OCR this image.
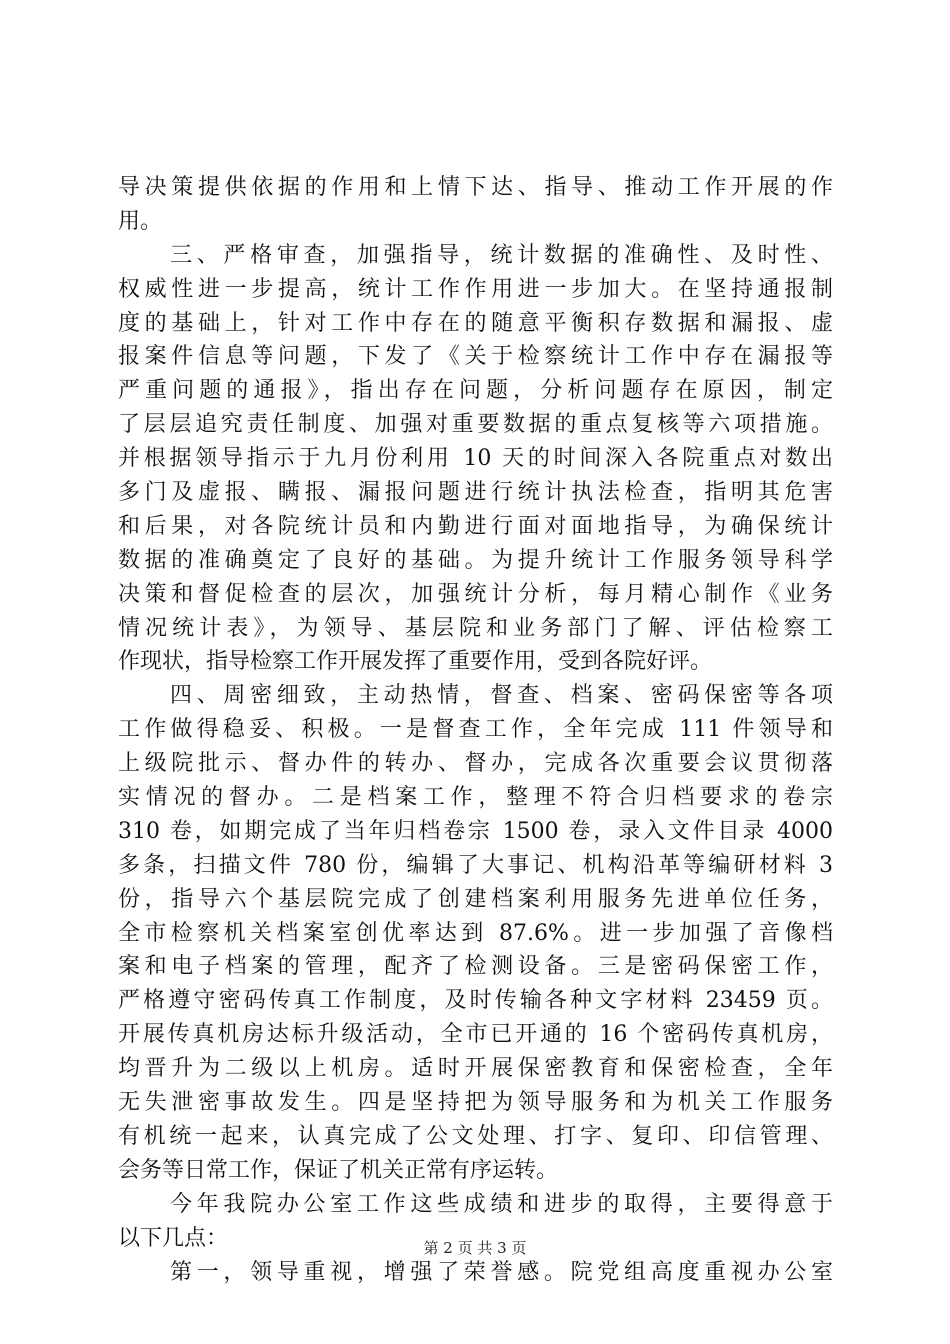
导决策提供依据的作用和上情下达、指导、推动工作开展的作
用。
三、严格审查，加强指导，统计数据的准确性、及时性、
权威性进一步提高，统计工作作用进一步加大。在坚持通报制
度的基础上，针对工作中存在的随意平衡积存数据和漏报、虚
报案件信息等问题，下发了《关于检察统计工作中存在漏报等
严重问题的通报》，指出存在问题，分析问题存在原因，制定
了层层追究责任制度、加强对重要数据的重点复核等六项措施。
并根据领导指示于九月份利用 10 天的时间深入各院重点对数出
多门及虚报、瞒报、漏报问题进行统计执法检查，指明其危害
和后果，对各院统计员和内勤进行面对面地指导，为确保统计
数据的准确奠定了良好的基础。为提升统计工作服务领导科学
决策和督促检查的层次，加强统计分析，每月精心制作《业务
情况统计表》，为领导、基层院和业务部门了解、评估检察工
作现状，指导检察工作开展发挥了重要作用，受到各院好评。
四、周密细致，主动热情，督查、档案、密码保密等各项
工作做得稳妥、积极。一是督查工作，全年完成 111 件领导和
上级院批示、督办件的转办、督办，完成各次重要会议贯彻落
实情况的督办。二是档案工作，整理不符合归档要求的卷宗
310 卷，如期完成了当年归档卷宗 1500 卷，录入文件目录 4000
多条，扫描文件 780 份，编辑了大事记、机构沿革等编研材料 3
份，指导六个基层院完成了创建档案利用服务先进单位任务，
全市检察机关档案室创优率达到 87.6%。进一步加强了音像档
案和电子档案的管理，配齐了检测设备。三是密码保密工作，
严格遵守密码传真工作制度，及时传输各种文字材料 23459 页。
开展传真机房达标升级活动，全市已开通的 16 个密码传真机房，
均晋升为二级以上机房。适时开展保密教育和保密检查，全年
无失泄密事故发生。四是坚持把为领导服务和为机关工作服务
有机统一起来，认真完成了公文处理、打字、复印、印信管理、
会务等日常工作，保证了机关正常有序运转。
今年我院办公室工作这些成绩和进步的取得，主要得意于
以下几点：
第一，领导重视，增强了荣誉感。院党组高度重视办公室
第 2 页 共 3 页
